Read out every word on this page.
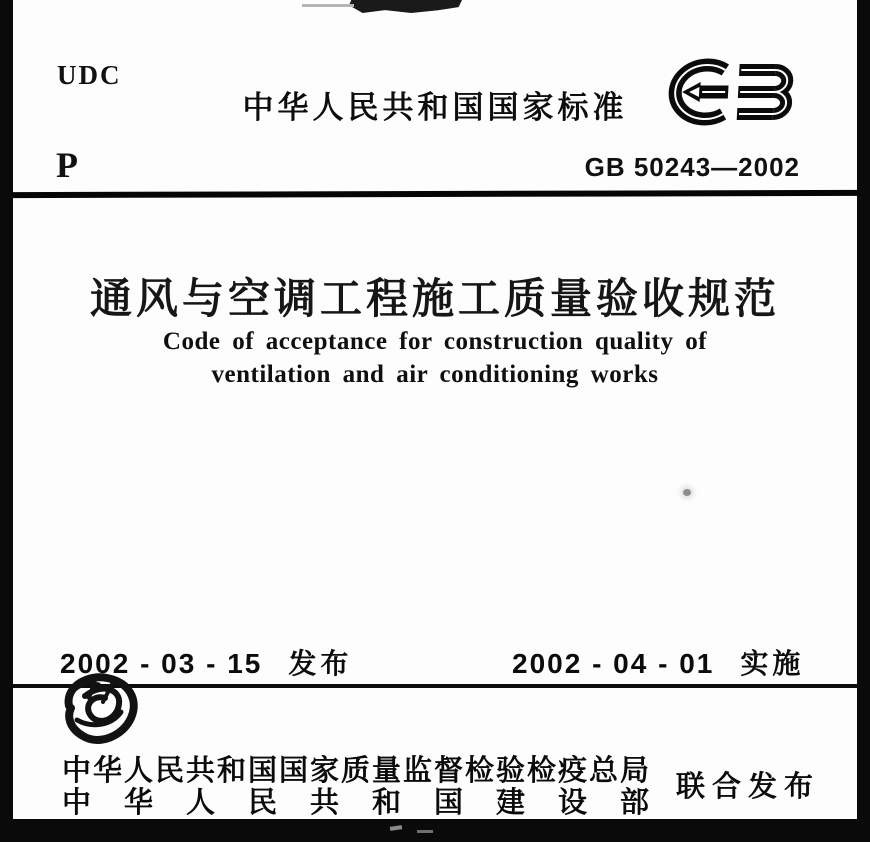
UDC
中华人民共和国国家标准
P	GB 50243—2002
通风与空调工程施工质量验收规范
Code of acceptance for construction quality of
ventilation and air conditioning works
2002 - 03 - 15 发布	2002 - 04 - 01 实施
中华人民共和国国家质量监督检验检疫总局
中华人民共和国建设部
联合发布
